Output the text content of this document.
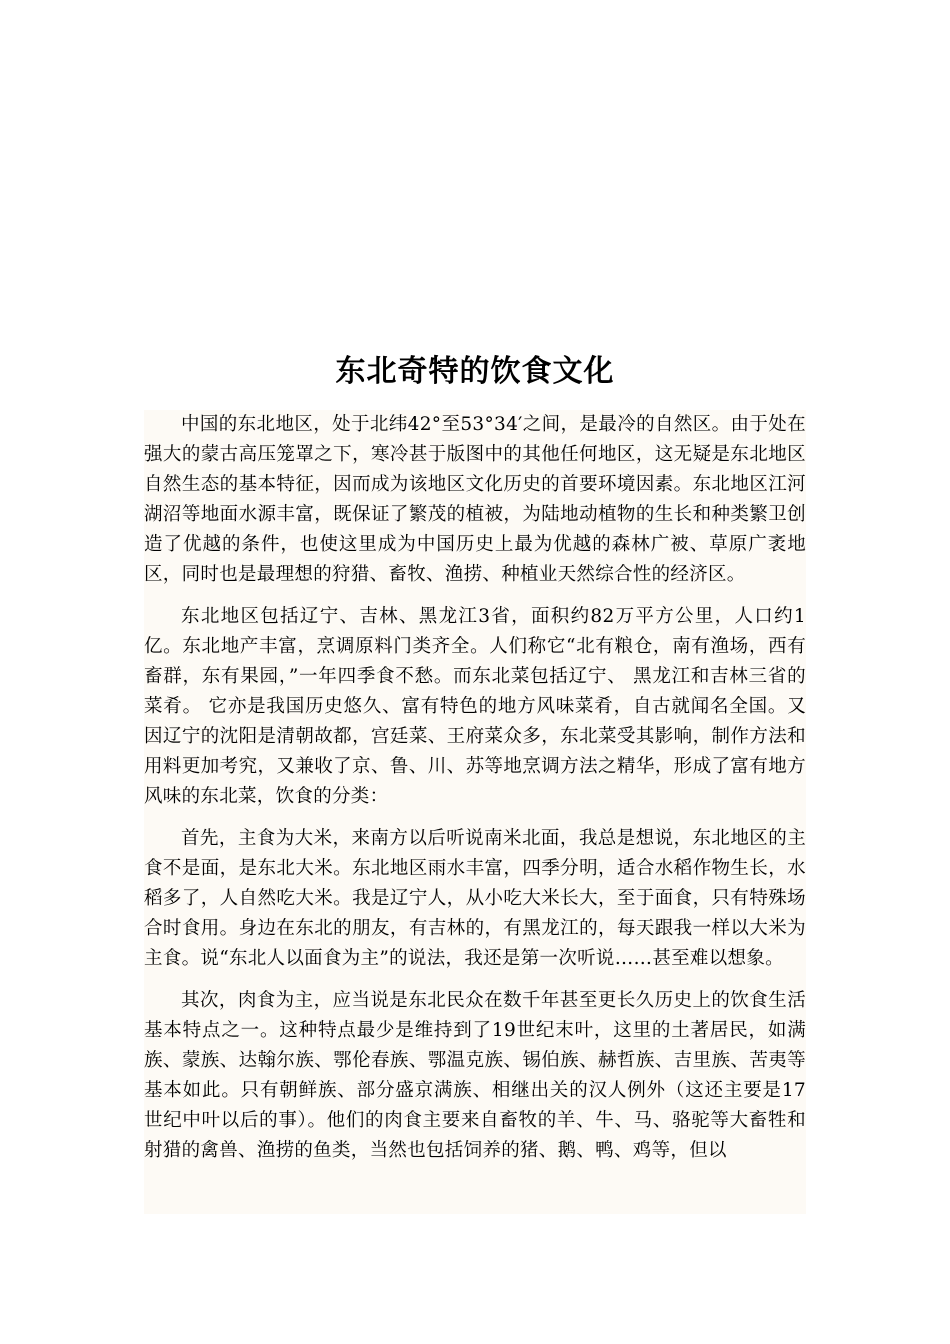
东北奇特的饮食文化

中国的东北地区，处于北纬42°至53°34′之间，是最冷的自然区。由于处在强大的蒙古高压笼罩之下，寒冷甚于版图中的其他任何地区，这无疑是东北地区自然生态的基本特征，因而成为该地区文化历史的首要环境因素。东北地区江河湖沼等地面水源丰富，既保证了繁茂的植被，为陆地动植物的生长和种类繁卫创造了优越的条件，也使这里成为中国历史上最为优越的森林广被、草原广袤地区，同时也是最理想的狩猎、畜牧、渔捞、种植业天然综合性的经济区。

东北地区包括辽宁、吉林、黑龙江3省，面积约82万平方公里，人口约1亿。东北地产丰富，烹调原料门类齐全。人们称它“北有粮仓，南有渔场，西有畜群，东有果园，”一年四季食不愁。而东北菜包括辽宁、 黑龙江和吉林三省的菜肴。 它亦是我国历史悠久、富有特色的地方风味菜肴，自古就闻名全国。又因辽宁的沈阳是清朝故都，宫廷菜、王府菜众多，东北菜受其影响，制作方法和用料更加考究，又兼收了京、鲁、川、苏等地烹调方法之精华，形成了富有地方风味的东北菜，饮食的分类：

首先，主食为大米，来南方以后听说南米北面，我总是想说，东北地区的主食不是面，是东北大米。东北地区雨水丰富，四季分明，适合水稻作物生长，水稻多了，人自然吃大米。我是辽宁人，从小吃大米长大，至于面食，只有特殊场合时食用。身边在东北的朋友，有吉林的，有黑龙江的，每天跟我一样以大米为主食。说“东北人以面食为主”的说法，我还是第一次听说……甚至难以想象。

其次，肉食为主，应当说是东北民众在数千年甚至更长久历史上的饮食生活基本特点之一。这种特点最少是维持到了19世纪末叶，这里的土著居民，如满族、蒙族、达翰尔族、鄂伦春族、鄂温克族、锡伯族、赫哲族、吉里族、苦夷等基本如此。只有朝鲜族、部分盛京满族、相继出关的汉人例外（这还主要是17世纪中叶以后的事）。他们的肉食主要来自畜牧的羊、牛、马、骆驼等大畜牲和射猎的禽兽、渔捞的鱼类，当然也包括饲养的猪、鹅、鸭、鸡等，但以
